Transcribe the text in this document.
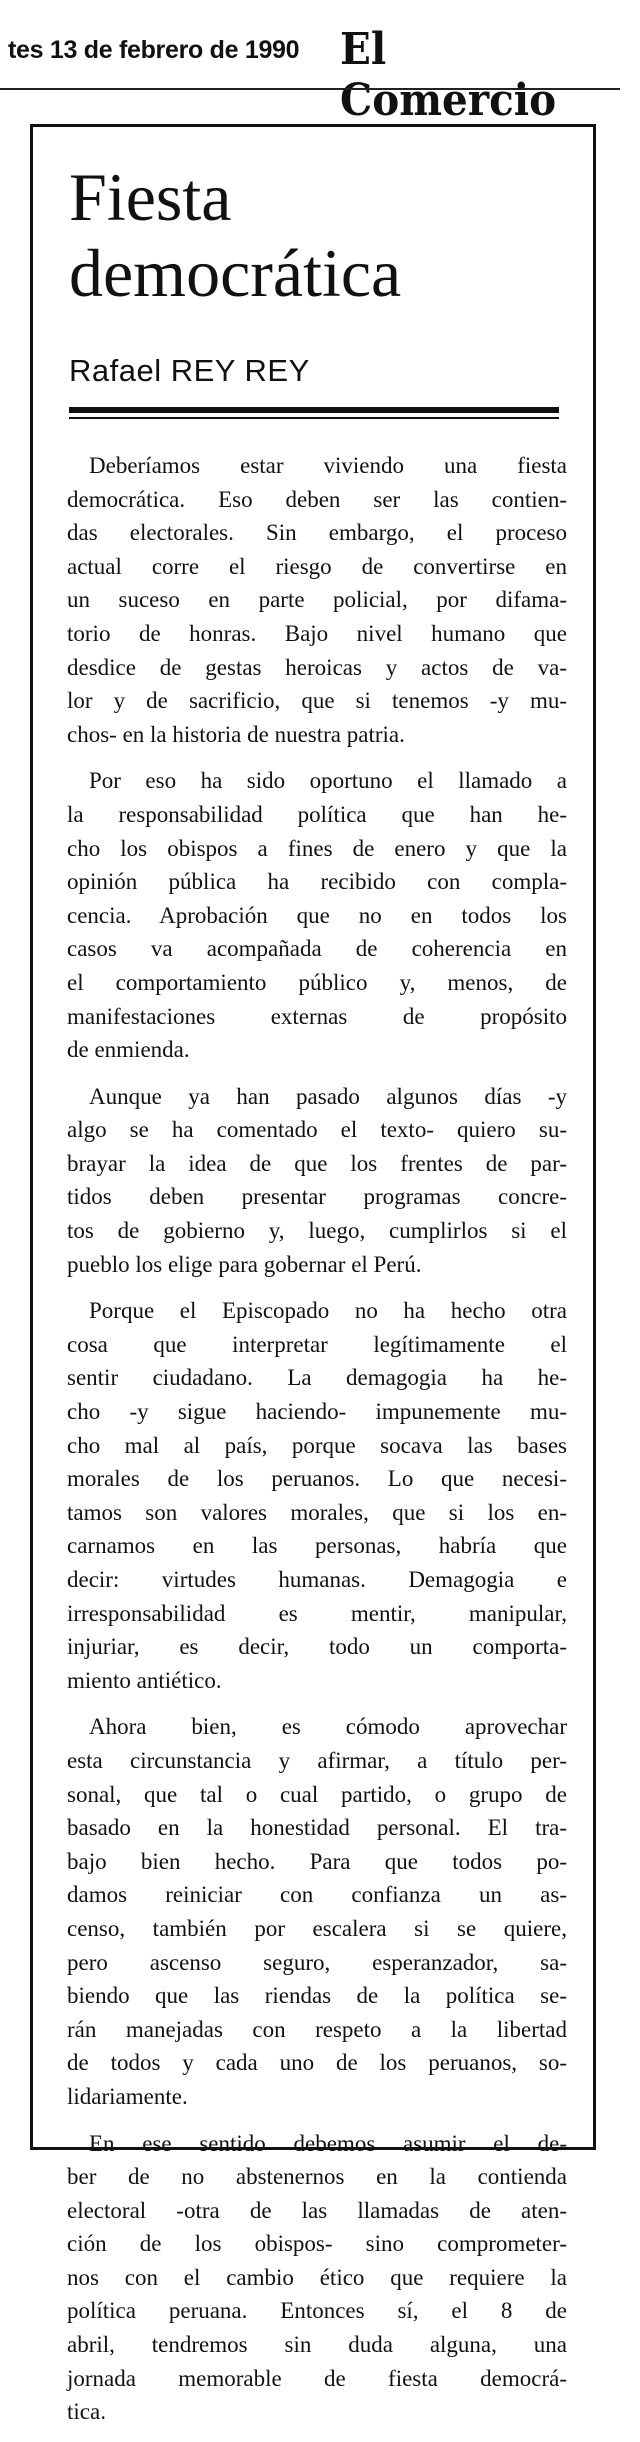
tes 13 de febrero de 1990 El Comercio
Fiesta
democrática
Rafael REY REY

Deberíamos estar viviendo una fiesta
democrática. Eso deben ser las contien-
das electorales. Sin embargo, el proceso
actual corre el riesgo de convertirse en
un suceso en parte policial, por difama-
torio de honras. Bajo nivel humano que
desdice de gestas heroicas y actos de va-
lor y de sacrificio, que si tenemos -y mu-
chos- en la historia de nuestra patria.

Por eso ha sido oportuno el llamado a
la responsabilidad política que han he-
cho los obispos a fines de enero y que la
opinión pública ha recibido con compla-
cencia. Aprobación que no en todos los
casos va acompañada de coherencia en
el comportamiento público y, menos, de
manifestaciones externas de propósito
de enmienda.

Aunque ya han pasado algunos días -y
algo se ha comentado el texto- quiero su-
brayar la idea de que los frentes de par-
tidos deben presentar programas concre-
tos de gobierno y, luego, cumplirlos si el
pueblo los elige para gobernar el Perú.

Porque el Episcopado no ha hecho otra
cosa que interpretar legítimamente el
sentir ciudadano. La demagogia ha he-
cho -y sigue haciendo- impunemente mu-
cho mal al país, porque socava las bases
morales de los peruanos. Lo que necesi-
tamos son valores morales, que si los en-
carnamos en las personas, habría que
decir: virtudes humanas. Demagogia e
irresponsabilidad es mentir, manipular,
injuriar, es decir, todo un comporta-
miento antiético.

Ahora bien, es cómodo aprovechar
esta circunstancia y afirmar, a título per-
sonal, que tal o cual partido, o grupo de
basado en la honestidad personal. El tra-
bajo bien hecho. Para que todos po-
damos reiniciar con confianza un as-
censo, también por escalera si se quiere,
pero ascenso seguro, esperanzador, sa-
biendo que las riendas de la política se-
rán manejadas con respeto a la libertad
de todos y cada uno de los peruanos, so-
lidariamente.

En ese sentido debemos asumir el de-
ber de no abstenernos en la contienda
electoral -otra de las llamadas de aten-
ción de los obispos- sino comprometer-
nos con el cambio ético que requiere la
política peruana. Entonces sí, el 8 de
abril, tendremos sin duda alguna, una
jornada memorable de fiesta democrá-
tica.
